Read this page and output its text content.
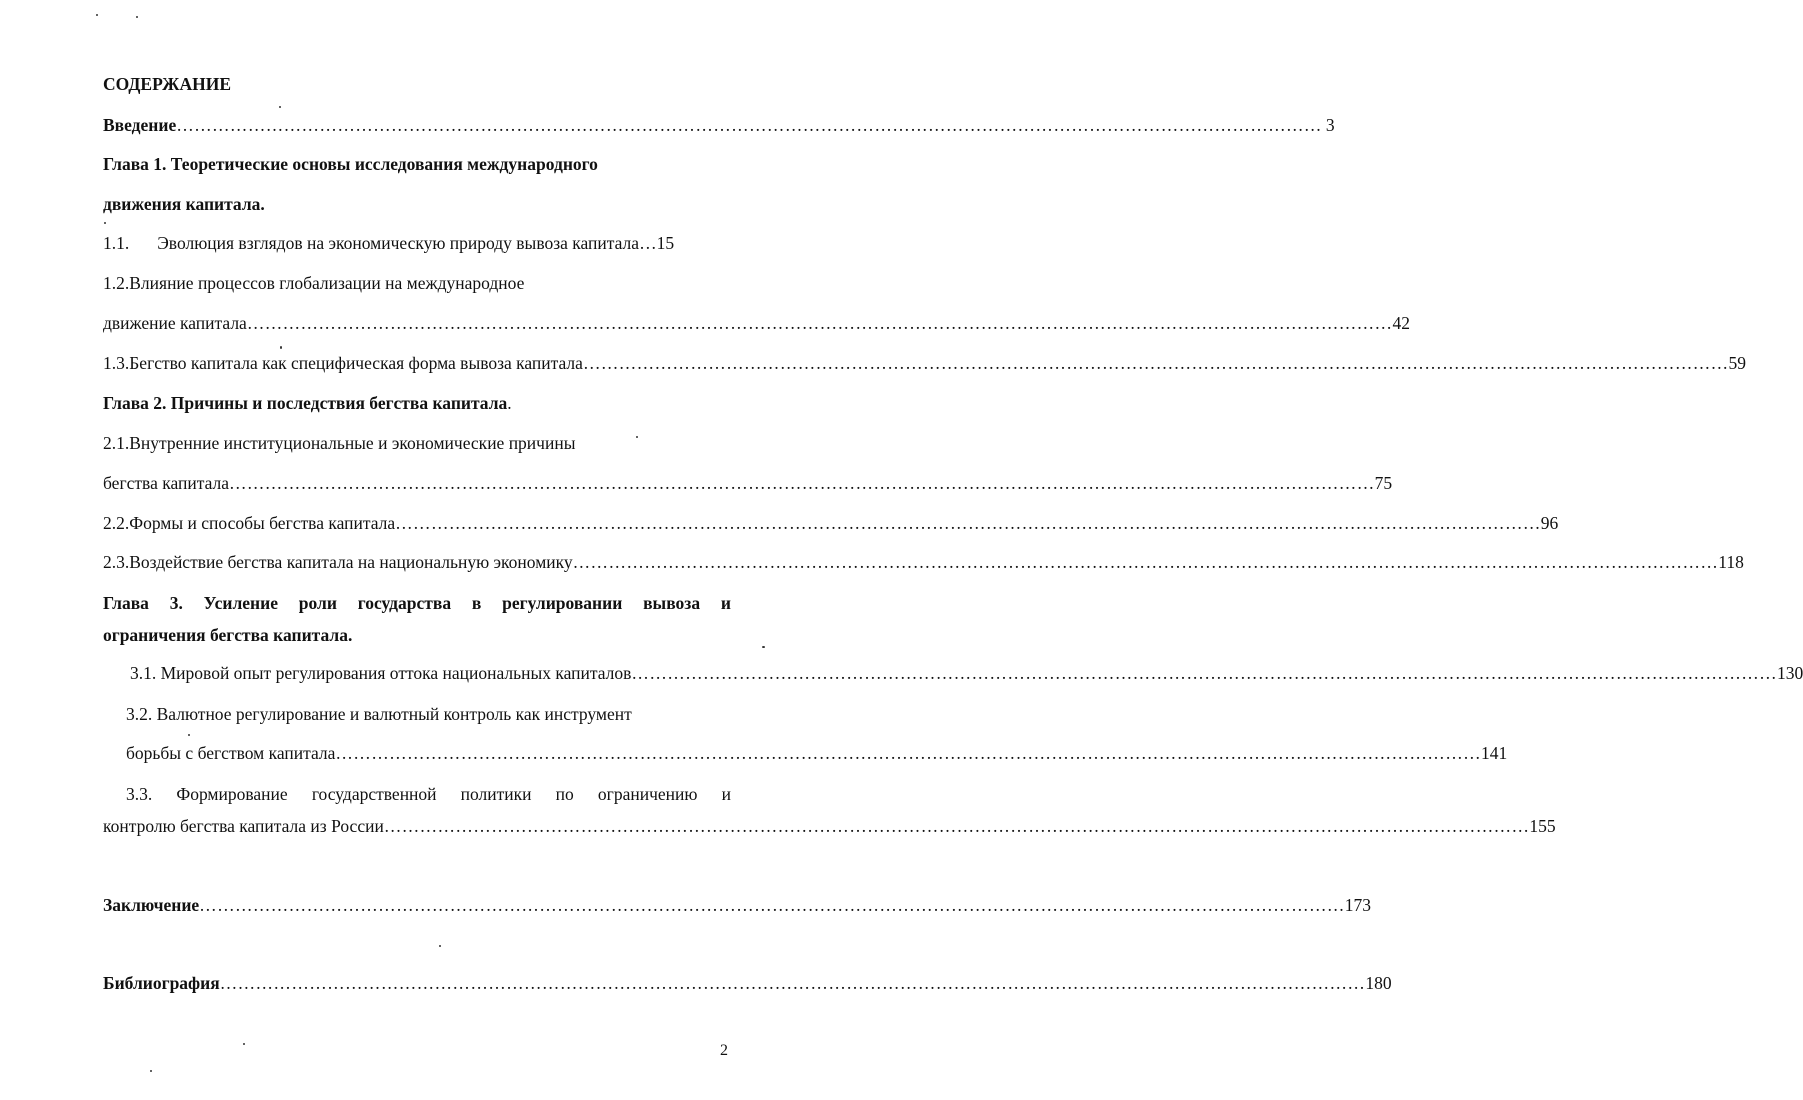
СОДЕРЖАНИЕ
Введение ………………………………………………………………………………………………………………………………………………………………………… 3
Глава 1. Теоретические основы исследования международного
движения капитала.
1.1. Эволюция взглядов на экономическую природу вывоза капитала … 15
1.2.Влияние процессов глобализации на международное
движение капитала ………………………………………………………………………………………………………………………………………………………………………… 42
1.3.Бегство капитала как специфическая форма вывоза капитала ………………………………………………………………………………………………………………………………………………………………………… 59
Глава 2. Причины и последствия бегства капитала.
2.1.Внутренние институциональные и экономические причины
бегства капитала ………………………………………………………………………………………………………………………………………………………………………… 75
2.2.Формы и способы бегства капитала ………………………………………………………………………………………………………………………………………………………………………… 96
2.3.Воздействие бегства капитала на национальную экономику ………………………………………………………………………………………………………………………………………………………………………… 118
Глава 3. Усиление роли государства в регулировании вывоза и
ограничения бегства капитала.
3.1. Мировой опыт регулирования оттока национальных капиталов ………………………………………………………………………………………………………………………………………………………………………… 130
3.2. Валютное регулирование и валютный контроль как инструмент
борьбы с бегством капитала ………………………………………………………………………………………………………………………………………………………………………… 141
3.3. Формирование государственной политики по ограничению и
контролю бегства капитала из России ………………………………………………………………………………………………………………………………………………………………………… 155
Заключение ………………………………………………………………………………………………………………………………………………………………………… 173
Библиография ………………………………………………………………………………………………………………………………………………………………………… 180
2
